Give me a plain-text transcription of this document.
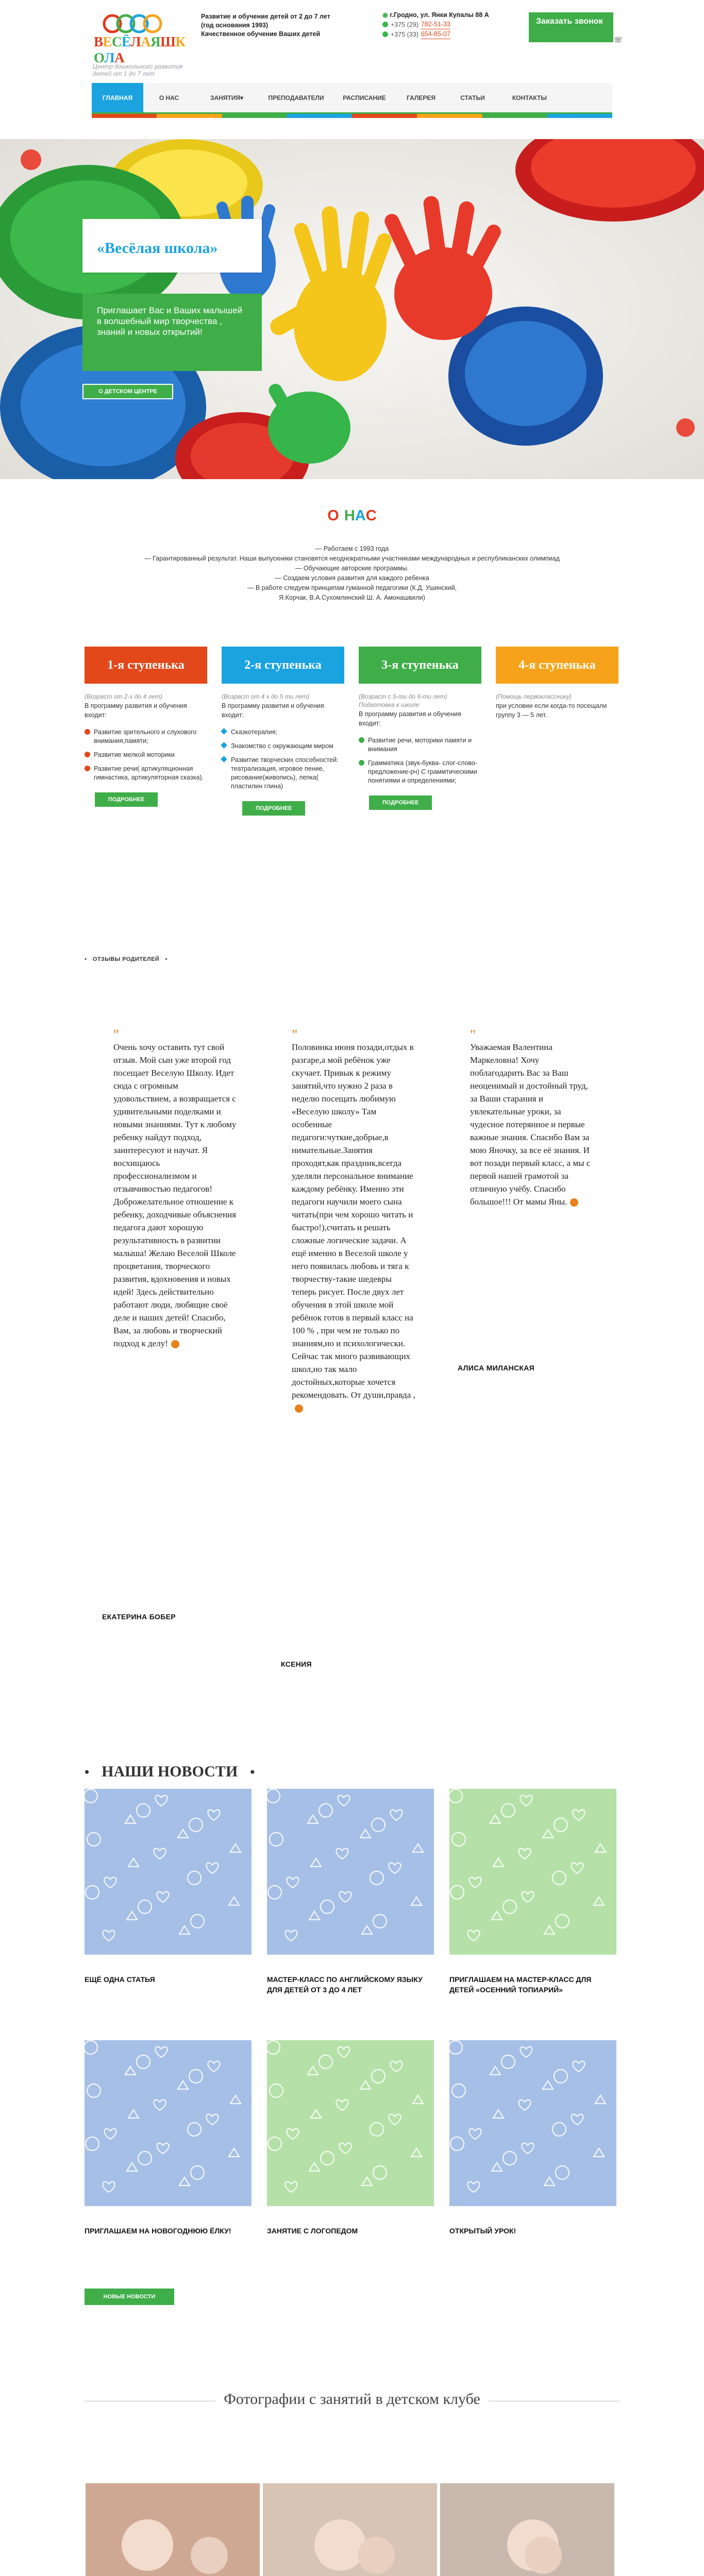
ВЕСЁЛАЯШКОЛА
Центр дошкольного развития детей от 1 до 7 лет
Развитие и обучение детей от 2 до 7 лет
(год основания 1993)
Качественное обучение Ваших детей
◉ г.Гродно, ул. Янки Купалы 88 А
+375 (29) 782-51-33
+375 (33) 654-85-07
Заказать звонок
☏
ГЛАВНАЯ	О НАС	ЗАНЯТИЯ ▾	ПРЕПОДАВАТЕЛИ	РАСПИСАНИЕ	ГАЛЕРЕЯ	СТАТЬИ	КОНТАКТЫ
«Весёлая школа»
Приглашает Вас и Ваших малышей в волшебный мир творчества , знаний и новых открытий!
О ДЕТСКОМ ЦЕНТРЕ
О НАС
— Работаем с 1993 года
— Гарантированный результат. Наши выпускники становятся неоднократными участниками международных и республиканских олимпиад
— Обучающие авторские программы.
— Создаем условия развития для каждого ребенка
— В работе следуем принципам гуманной педагогики (К.Д. Ушинский,
Я.Корчак, В.А.Сухомлинский Ш. А. Амонашвили)
1-я ступенька
(Возраст от 2-х до 4 лет)
В программу развития и обучения входит:
Развитие зрительного и слухового внимания,памяти;
Развитие мелкой моторики
Развитие речи( артикуляционная гимнастика, артикуляторная сказка).
ПОДРОБНЕЕ
2-я ступенька
(Возраст от 4 х до 5 ти лет)
В программу развития и обучения входит:
Сказкотерапия;
Знакомство с окружающим миром
Развитие творческих способностей: театрализация, игровое пение, рисование(живопись), лепка( пластилин глина)
ПОДРОБНЕЕ
3-я ступенька
(Возраст с 5-ти до 6-ти лет)
Подготовка к школе
В программу развития и обучения входит:
Развитие речи, моторики памяти и внимания
Грамматика (звук-буква- слог-слово-предложение-рч) С граммтическими понятиями и определениями;
ПОДРОБНЕЕ
4-я ступенька
(Помощь первокласснику)
при условии если когда-то посещали группу 3 — 5 лет.
• ОТЗЫВЫ РОДИТЕЛЕЙ •
"
Очень хочу оставить тут свой отзыв. Мой сын уже второй год посещает Веселую Школу. Идет сюда с огромным удовольствием, а возвращается с удивительными поделками и новыми знаниями. Тут к любому ребенку найдут подход, заинтересуют и научат. Я восхищаюсь профессионализмом и отзывчивостью педагогов! Доброжелательное отношение к ребенку, доходчивые объяснения педагога дают хорошую результативность в развитии малыша! Желаю Веселой Школе процветания, творческого развития, вдохновения и новых идей! Здесь действительно работают люди, любящие своё деле и наших детей! Спасибо, Вам, за любовь и творческий подход к делу!
ЕКАТЕРИНА БОБЕР
"
Половинка июня позади,отдых в разгаре,а мой ребёнок уже скучает. Привык к режиму занятий,что нужно 2 раза в неделю посещать любимую «Веселую школу» Там особенные педагоги:чуткие,добрые,в нимательные.Занятия проходят,как праздник,всегда уделяли персональное внимание каждому ребёнку. Именно эти педагоги научили моего сына читать(при чем хорошо читать и быстро!),считать и решать сложные логические задачи. А ещё именно в Веселой школе у него появилась любовь и тяга к творчеству-такие шедевры теперь рисует. После двух лет обучения в этой школе мой ребёнок готов в первый класс на 100 % , при чем не только по знаниям,но и психологически. Сейчас так много развивающих школ,но так мало достойных,которые хочется рекомендовать. От души,правда ,
КСЕНИЯ
"
Уважаемая Валентина Маркеловна! Хочу поблагодарить Вас за Ваш неоценимый и достойный труд, за Ваши старания и увлекательные уроки, за чудесное потерянное и первые важные знания. Спасибо Вам за мою Яночку, за все её знания. И вот позади первый класс, а мы с первой нашей грамотой за отличную учёбу. Спасибо большое!!! От мамы Яны.
АЛИСА МИЛАНСКАЯ
• НАШИ НОВОСТИ •
ЕЩЁ ОДНА СТАТЬЯ	МАСТЕР-КЛАСС ПО АНГЛИЙСКОМУ ЯЗЫКУ ДЛЯ ДЕТЕЙ ОТ 3 ДО 4 ЛЕТ
ПРИГЛАШАЕМ НА МАСТЕР-КЛАСС ДЛЯ ДЕТЕЙ «ОСЕННИЙ ТОПИАРИЙ»
ПРИГЛАШАЕМ НА НОВОГОДНЮЮ ЁЛКУ!	ЗАНЯТИЕ С ЛОГОПЕДОМ	ОТКРЫТЫЙ УРОК!
НОВЫЕ НОВОСТИ
Фотографии с занятий в детском клубе
